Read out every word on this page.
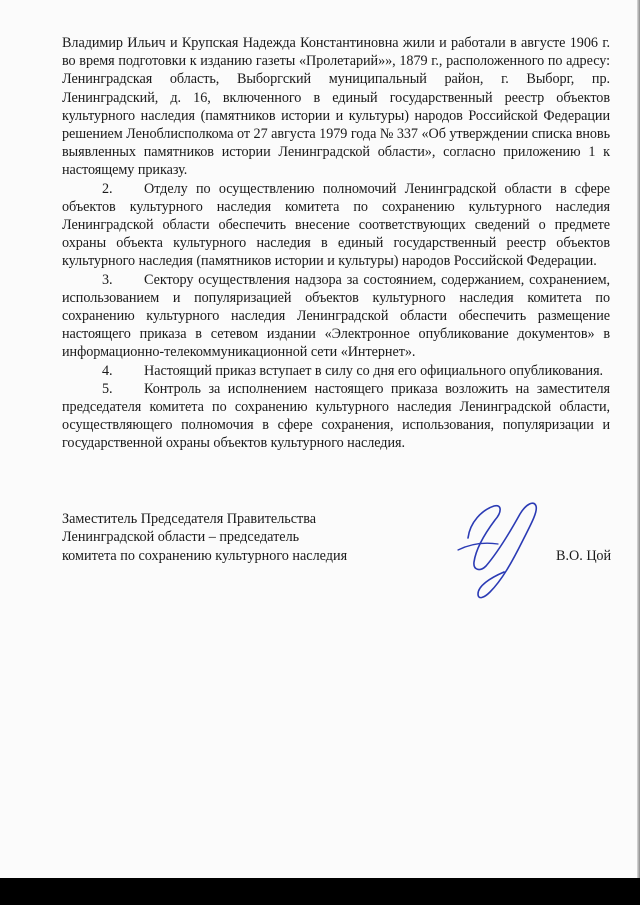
Владимир Ильич и Крупская Надежда Константиновна жили и работали в августе 1906 г. во время подготовки к изданию газеты «Пролетарий»», 1879 г., расположенного по адресу: Ленинградская область, Выборгский муниципальный район, г. Выборг, пр. Ленинградский, д. 16, включенного в единый государственный реестр объектов культурного наследия (памятников истории и культуры) народов Российской Федерации решением Леноблисполкома от 27 августа 1979 года № 337 «Об утверждении списка вновь выявленных памятников истории Ленинградской области», согласно приложению 1 к настоящему приказу.

2. Отделу по осуществлению полномочий Ленинградской области в сфере объектов культурного наследия комитета по сохранению культурного наследия Ленинградской области обеспечить внесение соответствующих сведений о предмете охраны объекта культурного наследия в единый государственный реестр объектов культурного наследия (памятников истории и культуры) народов Российской Федерации.

3. Сектору осуществления надзора за состоянием, содержанием, сохранением, использованием и популяризацией объектов культурного наследия комитета по сохранению культурного наследия Ленинградской области обеспечить размещение настоящего приказа в сетевом издании «Электронное опубликование документов» в информационно-телекоммуникационной сети «Интернет».

4. Настоящий приказ вступает в силу со дня его официального опубликования.

5. Контроль за исполнением настоящего приказа возложить на заместителя председателя комитета по сохранению культурного наследия Ленинградской области, осуществляющего полномочия в сфере сохранения, использования, популяризации и государственной охраны объектов культурного наследия.

Заместитель Председателя Правительства
Ленинградской области – председатель
комитета по сохранению культурного наследия	В.О. Цой
